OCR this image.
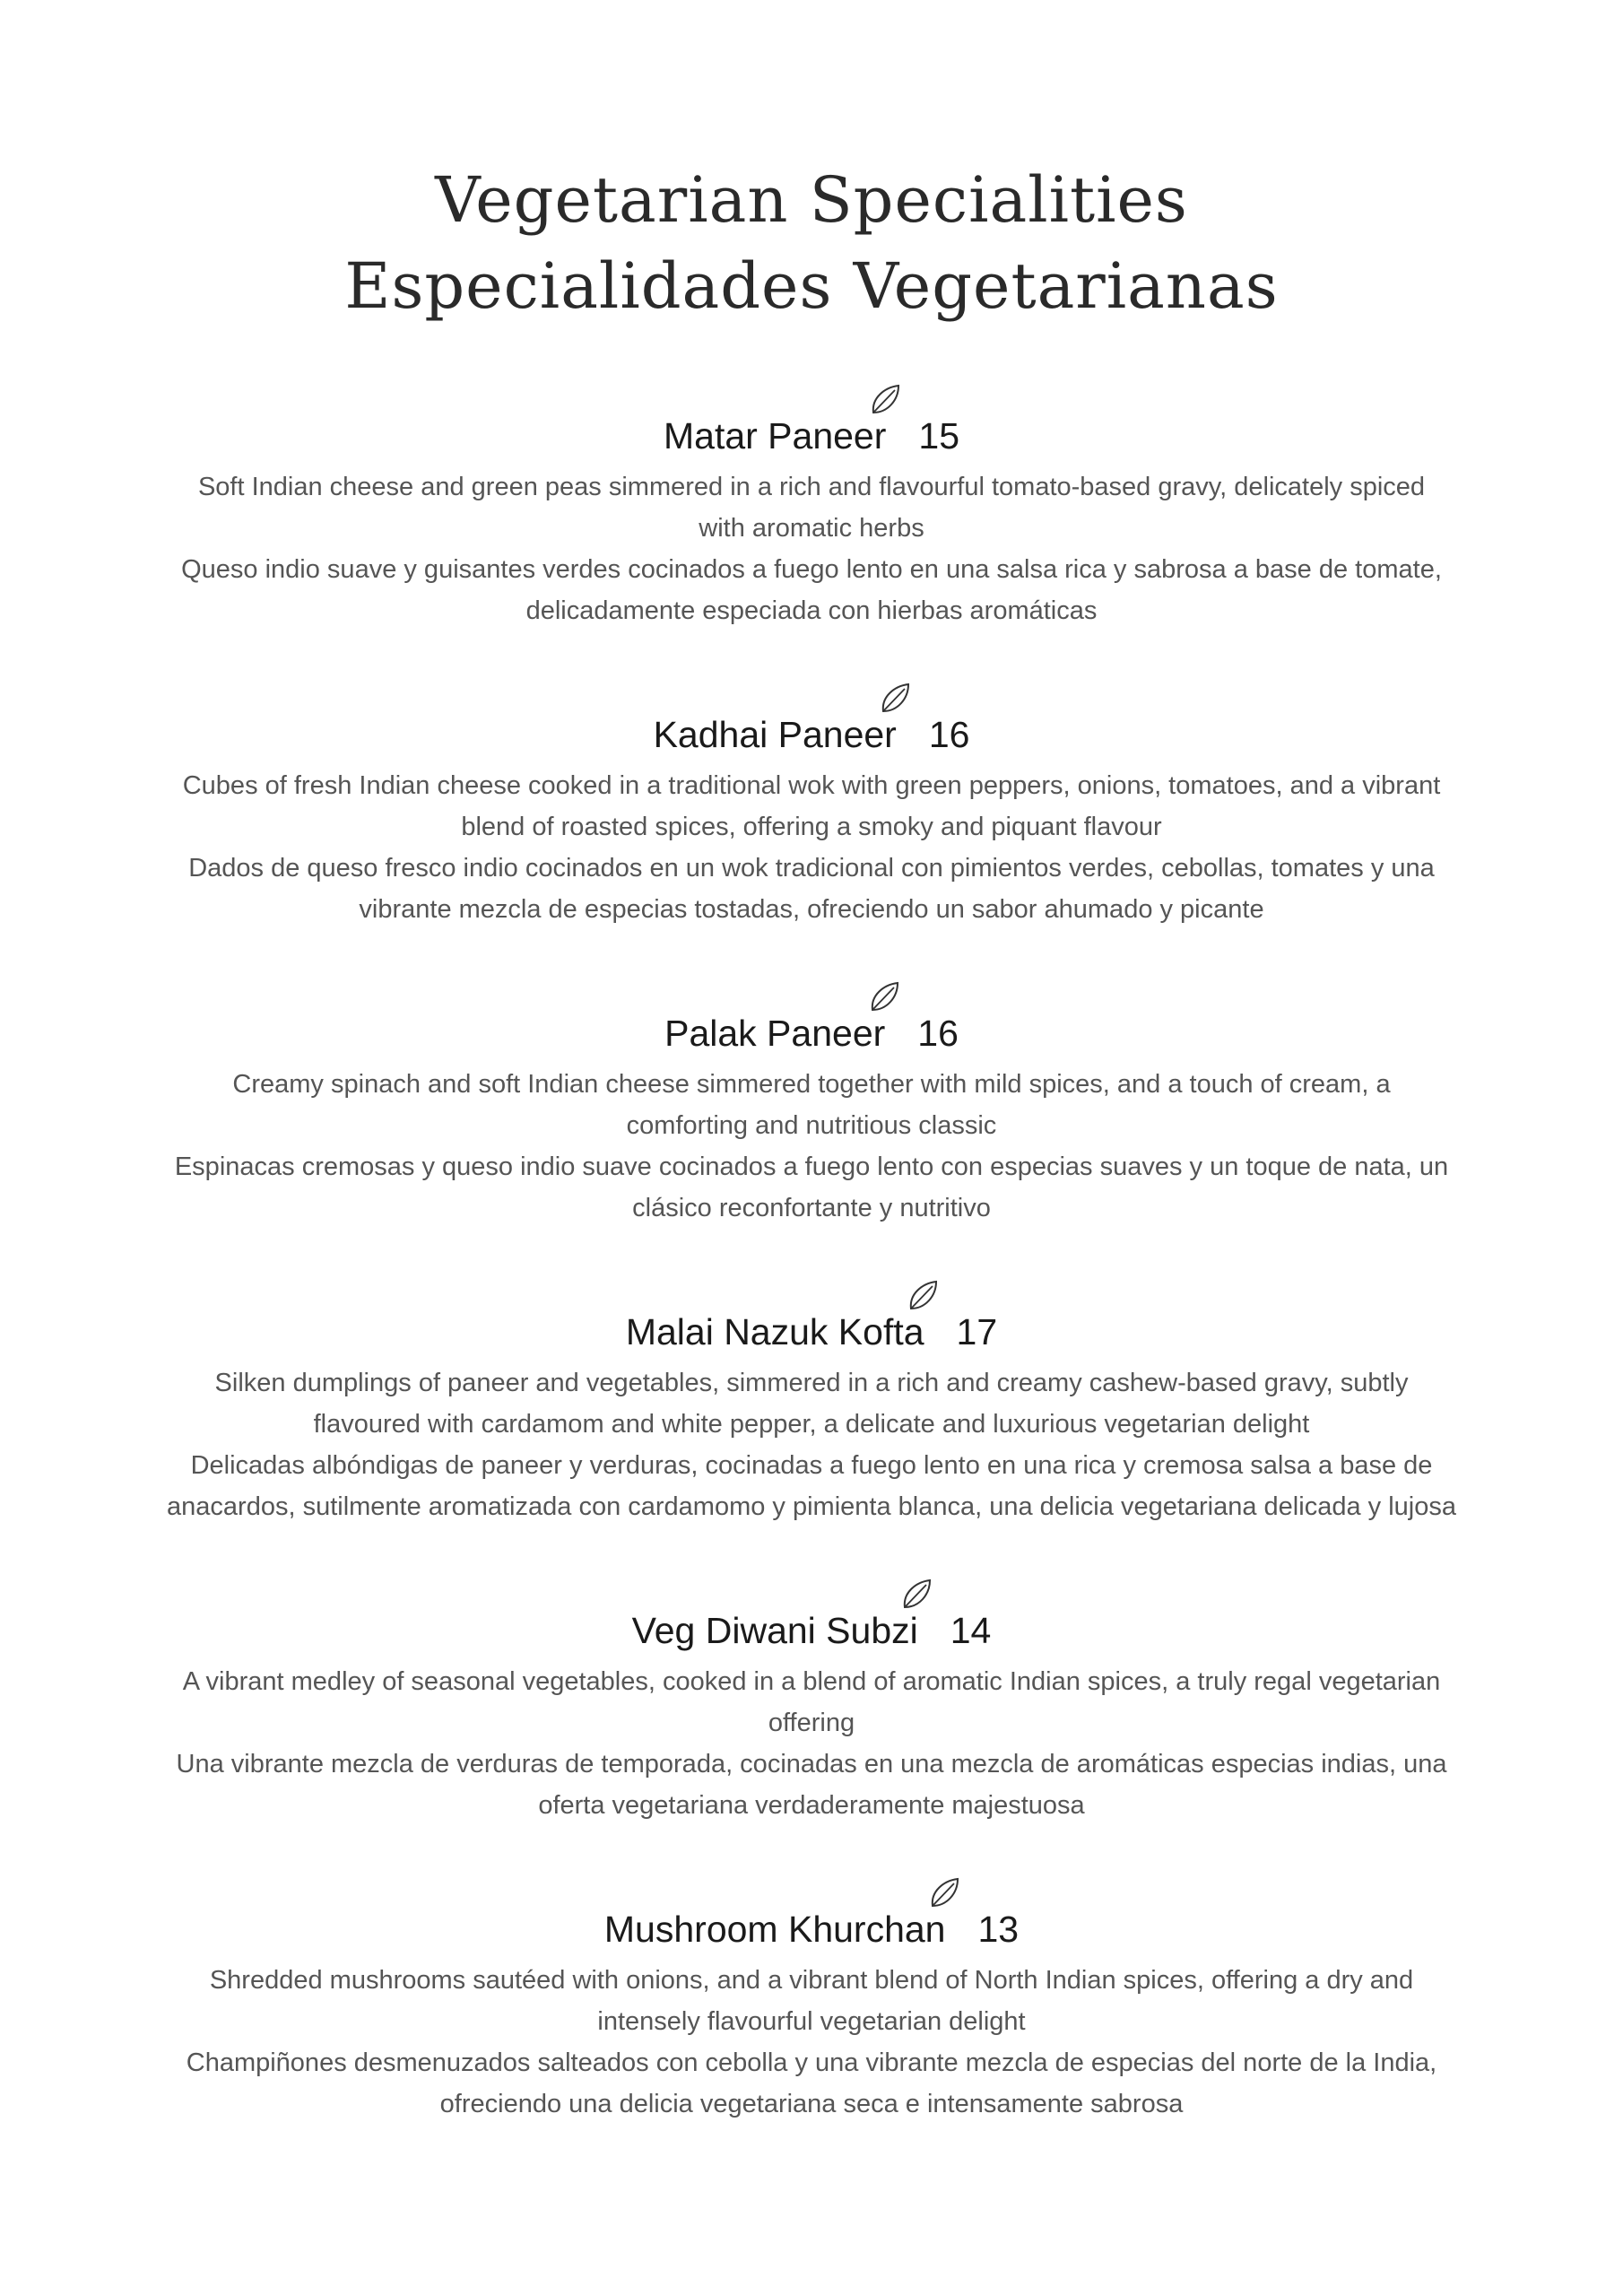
Vegetarian Specialities
Especialidades Vegetarianas
Matar Paneer 15
Soft Indian cheese and green peas simmered in a rich and flavourful tomato-based gravy, delicately spiced
with aromatic herbs
Queso indio suave y guisantes verdes cocinados a fuego lento en una salsa rica y sabrosa a base de tomate,
delicadamente especiada con hierbas aromáticas
Kadhai Paneer 16
Cubes of fresh Indian cheese cooked in a traditional wok with green peppers, onions, tomatoes, and a vibrant
blend of roasted spices, offering a smoky and piquant flavour
Dados de queso fresco indio cocinados en un wok tradicional con pimientos verdes, cebollas, tomates y una
vibrante mezcla de especias tostadas, ofreciendo un sabor ahumado y picante
Palak Paneer 16
Creamy spinach and soft Indian cheese simmered together with mild spices, and a touch of cream, a
comforting and nutritious classic
Espinacas cremosas y queso indio suave cocinados a fuego lento con especias suaves y un toque de nata, un
clásico reconfortante y nutritivo
Malai Nazuk Kofta 17
Silken dumplings of paneer and vegetables, simmered in a rich and creamy cashew-based gravy, subtly
flavoured with cardamom and white pepper, a delicate and luxurious vegetarian delight
Delicadas albóndigas de paneer y verduras, cocinadas a fuego lento en una rica y cremosa salsa a base de
anacardos, sutilmente aromatizada con cardamomo y pimienta blanca, una delicia vegetariana delicada y lujosa
Veg Diwani Subzi 14
A vibrant medley of seasonal vegetables, cooked in a blend of aromatic Indian spices, a truly regal vegetarian
offering
Una vibrante mezcla de verduras de temporada, cocinadas en una mezcla de aromáticas especias indias, una
oferta vegetariana verdaderamente majestuosa
Mushroom Khurchan 13
Shredded mushrooms sautéed with onions, and a vibrant blend of North Indian spices, offering a dry and
intensely flavourful vegetarian delight
Champiñones desmenuzados salteados con cebolla y una vibrante mezcla de especias del norte de la India,
ofreciendo una delicia vegetariana seca e intensamente sabrosa
